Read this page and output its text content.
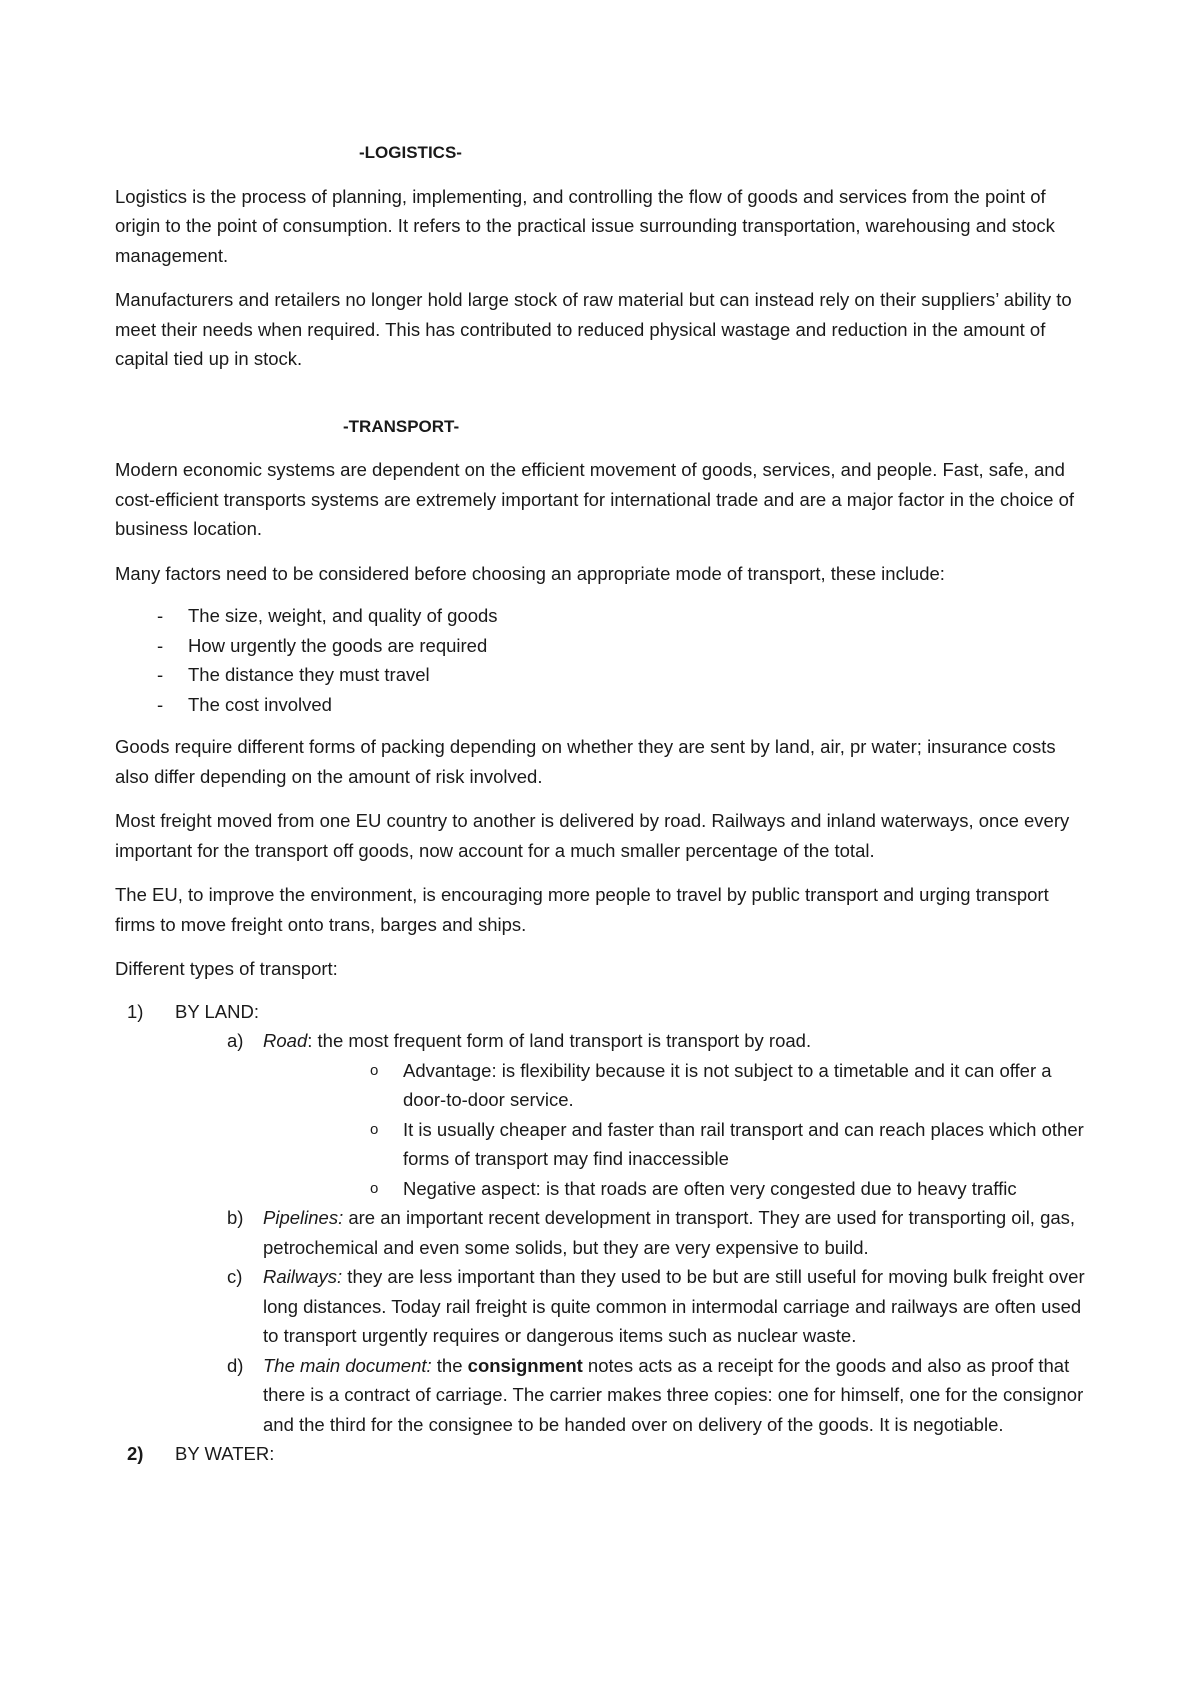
-LOGISTICS-

Logistics is the process of planning, implementing, and controlling the flow of goods and services from the point of origin to the point of consumption. It refers to the practical issue surrounding transportation, warehousing and stock management.

Manufacturers and retailers no longer hold large stock of raw material but can instead rely on their suppliers’ ability to meet their needs when required. This has contributed to reduced physical wastage and reduction in the amount of capital tied up in stock.

-TRANSPORT-

Modern economic systems are dependent on the efficient movement of goods, services, and people. Fast, safe, and cost-efficient transports systems are extremely important for international trade and are a major factor in the choice of business location.

Many factors need to be considered before choosing an appropriate mode of transport, these include:

- The size, weight, and quality of goods
- How urgently the goods are required
- The distance they must travel
- The cost involved

Goods require different forms of packing depending on whether they are sent by land, air, pr water; insurance costs also differ depending on the amount of risk involved.

Most freight moved from one EU country to another is delivered by road. Railways and inland waterways, once every important for the transport off goods, now account for a much smaller percentage of the total.

The EU, to improve the environment, is encouraging more people to travel by public transport and urging transport firms to move freight onto trans, barges and ships.

Different types of transport:

1) BY LAND:
a) Road: the most frequent form of land transport is transport by road.
o Advantage: is flexibility because it is not subject to a timetable and it can offer a door-to-door service.
o It is usually cheaper and faster than rail transport and can reach places which other forms of transport may find inaccessible
o Negative aspect: is that roads are often very congested due to heavy traffic
b) Pipelines: are an important recent development in transport. They are used for transporting oil, gas, petrochemical and even some solids, but they are very expensive to build.
c) Railways: they are less important than they used to be but are still useful for moving bulk freight over long distances. Today rail freight is quite common in intermodal carriage and railways are often used to transport urgently requires or dangerous items such as nuclear waste.
d) The main document: the consignment notes acts as a receipt for the goods and also as proof that there is a contract of carriage. The carrier makes three copies: one for himself, one for the consignor and the third for the consignee to be handed over on delivery of the goods. It is negotiable.
2) BY WATER:
